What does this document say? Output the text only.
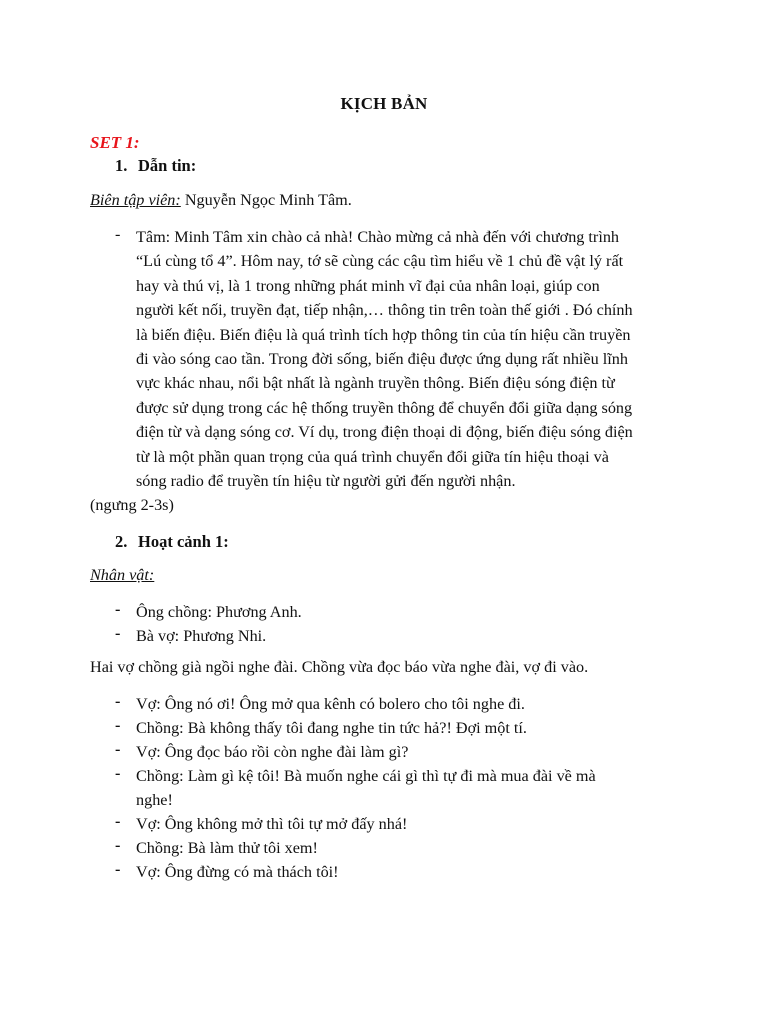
KỊCH BẢN
SET 1:
1. Dẫn tin:
Biên tập viên: Nguyễn Ngọc Minh Tâm.
- Tâm: Minh Tâm xin chào cả nhà! Chào mừng cả nhà đến với chương trình
“Lú cùng tổ 4”. Hôm nay, tớ sẽ cùng các cậu tìm hiểu về 1 chủ đề vật lý rất
hay và thú vị, là 1 trong những phát minh vĩ đại của nhân loại, giúp con
người kết nối, truyền đạt, tiếp nhận,… thông tin trên toàn thế giới . Đó chính
là biến điệu. Biến điệu là quá trình tích hợp thông tin của tín hiệu cần truyền
đi vào sóng cao tần. Trong đời sống, biến điệu được ứng dụng rất nhiều lĩnh
vực khác nhau, nổi bật nhất là ngành truyền thông. Biến điệu sóng điện từ
được sử dụng trong các hệ thống truyền thông để chuyển đổi giữa dạng sóng
điện từ và dạng sóng cơ. Ví dụ, trong điện thoại di động, biến điệu sóng điện
từ là một phần quan trọng của quá trình chuyển đổi giữa tín hiệu thoại và
sóng radio để truyền tín hiệu từ người gửi đến người nhận.
(ngưng 2-3s)
2. Hoạt cảnh 1:
Nhân vật:
- Ông chồng: Phương Anh.
- Bà vợ: Phương Nhi.
Hai vợ chồng già ngồi nghe đài. Chồng vừa đọc báo vừa nghe đài, vợ đi vào.
- Vợ: Ông nó ơi! Ông mở qua kênh có bolero cho tôi nghe đi.
- Chồng: Bà không thấy tôi đang nghe tin tức hả?! Đợi một tí.
- Vợ: Ông đọc báo rồi còn nghe đài làm gì?
- Chồng: Làm gì kệ tôi! Bà muốn nghe cái gì thì tự đi mà mua đài về mà
nghe!
- Vợ: Ông không mở thì tôi tự mở đấy nhá!
- Chồng: Bà làm thử tôi xem!
- Vợ: Ông đừng có mà thách tôi!
